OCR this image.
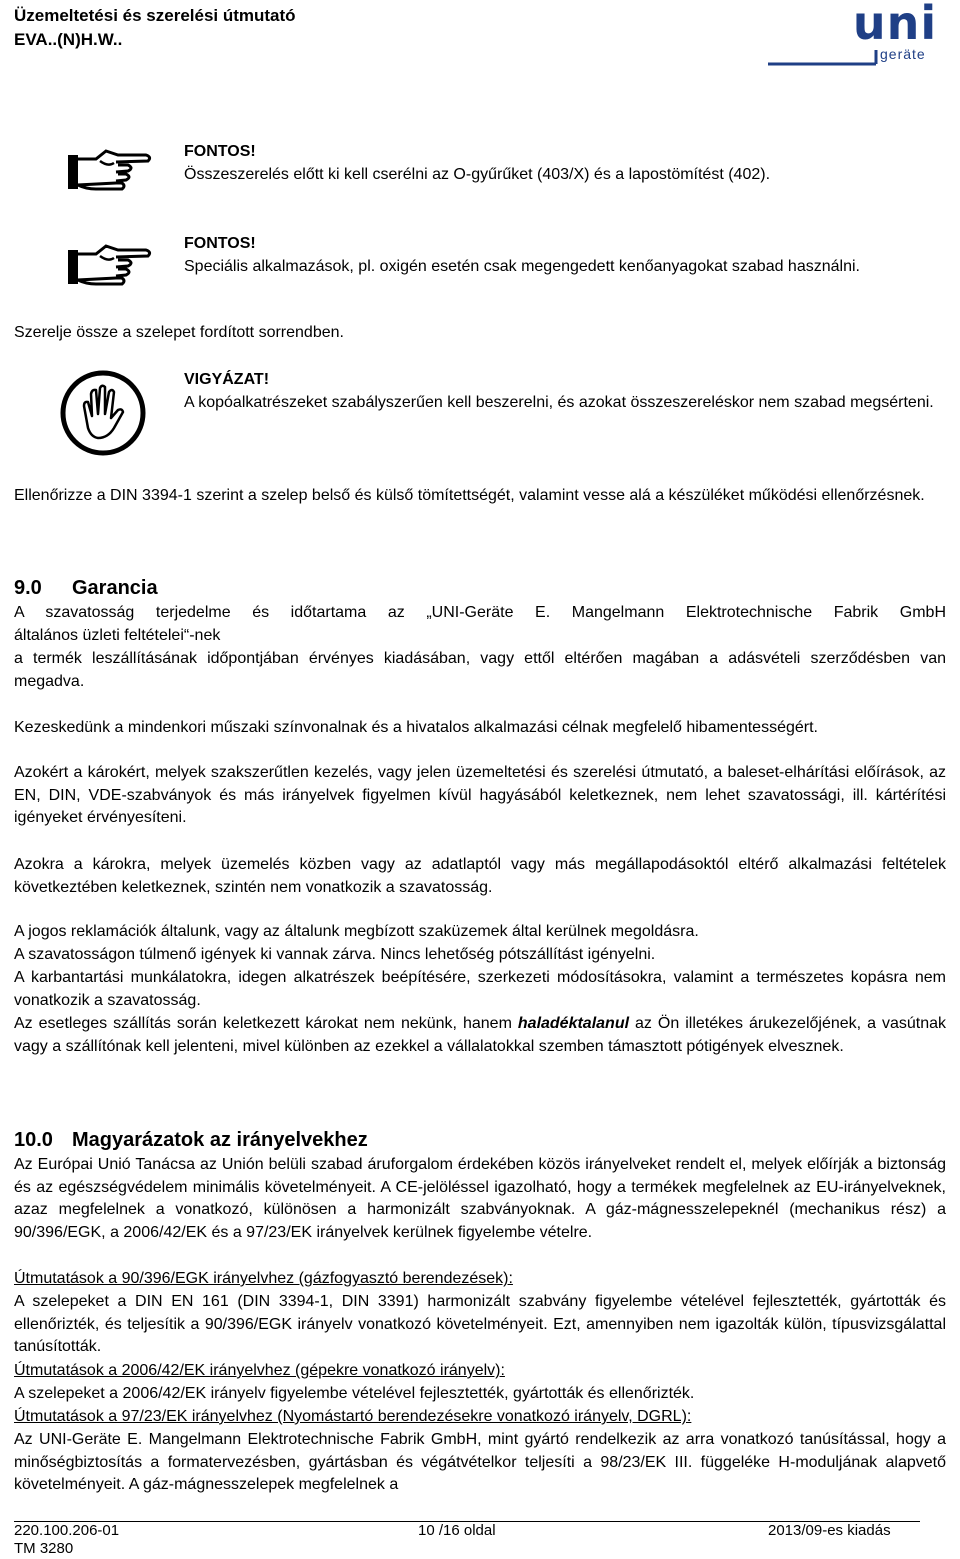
Üzemeltetési és szerelési útmutató
EVA..(N)H.W..	uni
geräte
FONTOS!
Összeszerelés előtt ki kell cserélni az O-gyűrűket (403/X) és a lapostömítést (402).
FONTOS!
Speciális alkalmazások, pl. oxigén esetén csak megengedett kenőanyagokat szabad használni.
Szerelje össze a szelepet fordított sorrendben.
VIGYÁZAT!
A kopóalkatrészeket szabályszerűen kell beszerelni, és azokat összeszereléskor nem szabad megsérteni.
Ellenőrizze a DIN 3394-1 szerint a szelep belső és külső tömítettségét, valamint vesse alá a készüléket működési ellenőrzésnek.
9.0 Garancia
A szavatosság terjedelme és időtartama az „UNI-Geräte E. Mangelmann Elektrotechnische Fabrik GmbH
általános üzleti feltételei“-nek
a termék leszállításának időpontjában érvényes kiadásában, vagy ettől eltérően magában a adásvételi szerződésben van megadva.
Kezeskedünk a mindenkori műszaki színvonalnak és a hivatalos alkalmazási célnak megfelelő hibamentességért.
Azokért a károkért, melyek szakszerűtlen kezelés, vagy jelen üzemeltetési és szerelési útmutató, a baleset-elhárítási előírások, az EN, DIN, VDE-szabványok és más irányelvek figyelmen kívül hagyásából keletkeznek, nem lehet szavatossági, ill. kártérítési igényeket érvényesíteni.
Azokra a károkra, melyek üzemelés közben vagy az adatlaptól vagy más megállapodásoktól eltérő alkalmazási feltételek következtében keletkeznek, szintén nem vonatkozik a szavatosság.
A jogos reklamációk általunk, vagy az általunk megbízott szaküzemek által kerülnek megoldásra.
A szavatosságon túlmenő igények ki vannak zárva. Nincs lehetőség pótszállítást igényelni.
A karbantartási munkálatokra, idegen alkatrészek beépítésére, szerkezeti módosításokra, valamint a természetes kopásra nem vonatkozik a szavatosság.
Az esetleges szállítás során keletkezett károkat nem nekünk, hanem haladéktalanul az Ön illetékes árukezelőjének, a vasútnak vagy a szállítónak kell jelenteni, mivel különben az ezekkel a vállalatokkal szemben támasztott pótigények elvesznek.
10.0 Magyarázatok az irányelvekhez
Az Európai Unió Tanácsa az Unión belüli szabad áruforgalom érdekében közös irányelveket rendelt el, melyek előírják a biztonság és az egészségvédelem minimális követelményeit. A CE-jelöléssel igazolható, hogy a termékek megfelelnek az EU-irányelveknek, azaz megfelelnek a vonatkozó, különösen a harmonizált szabványoknak. A gáz-mágnesszelepeknél (mechanikus rész) a 90/396/EGK, a 2006/42/EK és a 97/23/EK irányelvek kerülnek figyelembe vételre.
Útmutatások a 90/396/EGK irányelvhez (gázfogyasztó berendezések):
A szelepeket a DIN EN 161 (DIN 3394-1, DIN 3391) harmonizált szabvány figyelembe vételével fejlesztették, gyártották és ellenőrizték, és teljesítik a 90/396/EGK irányelv vonatkozó követelményeit. Ezt, amennyiben nem igazolták külön, típusvizsgálattal tanúsították.
Útmutatások a 2006/42/EK irányelvhez (gépekre vonatkozó irányelv):
A szelepeket a 2006/42/EK irányelv figyelembe vételével fejlesztették, gyártották és ellenőrizték.
Útmutatások a 97/23/EK irányelvhez (Nyomástartó berendezésekre vonatkozó irányelv, DGRL):
Az UNI-Geräte E. Mangelmann Elektrotechnische Fabrik GmbH, mint gyártó rendelkezik az arra vonatkozó tanúsítással, hogy a minőségbiztosítás a formatervezésben, gyártásban és végátvételkor teljesíti a 98/23/EK III. függeléke H-moduljának alapvető követelményeit. A gáz-mágnesszelepek megfelelnek a
220.100.206-01
TM 3280
10 /16 oldal	2013/09-es kiadás
